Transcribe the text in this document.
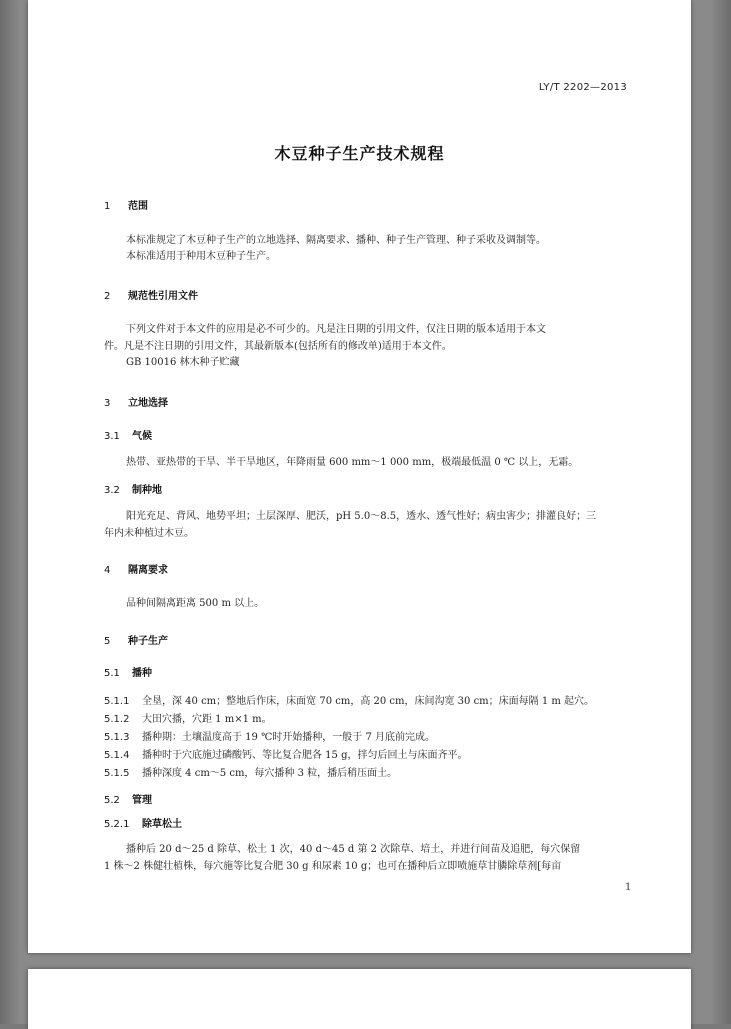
LY/T 2202—2013
木豆种子生产技术规程
1 范围
本标准规定了木豆种子生产的立地选择、隔离要求、播种、种子生产管理、种子采收及调制等。
本标准适用于种用木豆种子生产。
2 规范性引用文件
下列文件对于本文件的应用是必不可少的。凡是注日期的引用文件，仅注日期的版本适用于本文
件。凡是不注日期的引用文件，其最新版本(包括所有的修改单)适用于本文件。
GB 10016 林木种子贮藏
3 立地选择
3.1 气候
热带、亚热带的干旱、半干旱地区，年降雨量 600 mm～1 000 mm，极端最低温 0 ℃ 以上，无霜。
3.2 制种地
阳光充足、背风、地势平坦；土层深厚、肥沃，pH 5.0～8.5，透水、透气性好；病虫害少；排灌良好；三
年内未种植过木豆。
4 隔离要求
品种间隔离距离 500 m 以上。
5 种子生产
5.1 播种
5.1.1 全垦，深 40 cm；整地后作床，床面宽 70 cm，高 20 cm，床间沟宽 30 cm；床面每隔 1 m 起穴。
5.1.2 大田穴播，穴距 1 m×1 m。
5.1.3 播种期：土壤温度高于 19 ℃时开始播种，一般于 7 月底前完成。
5.1.4 播种时于穴底施过磷酸钙、等比复合肥各 15 g，拌匀后回土与床面齐平。
5.1.5 播种深度 4 cm～5 cm，每穴播种 3 粒，播后稍压面土。
5.2 管理
5.2.1 除草松土
播种后 20 d～25 d 除草、松土 1 次，40 d～45 d 第 2 次除草、培土，并进行间苗及追肥，每穴保留
1 株～2 株健壮植株，每穴施等比复合肥 30 g 和尿素 10 g；也可在播种后立即喷施草甘膦除草剂[每亩
1
